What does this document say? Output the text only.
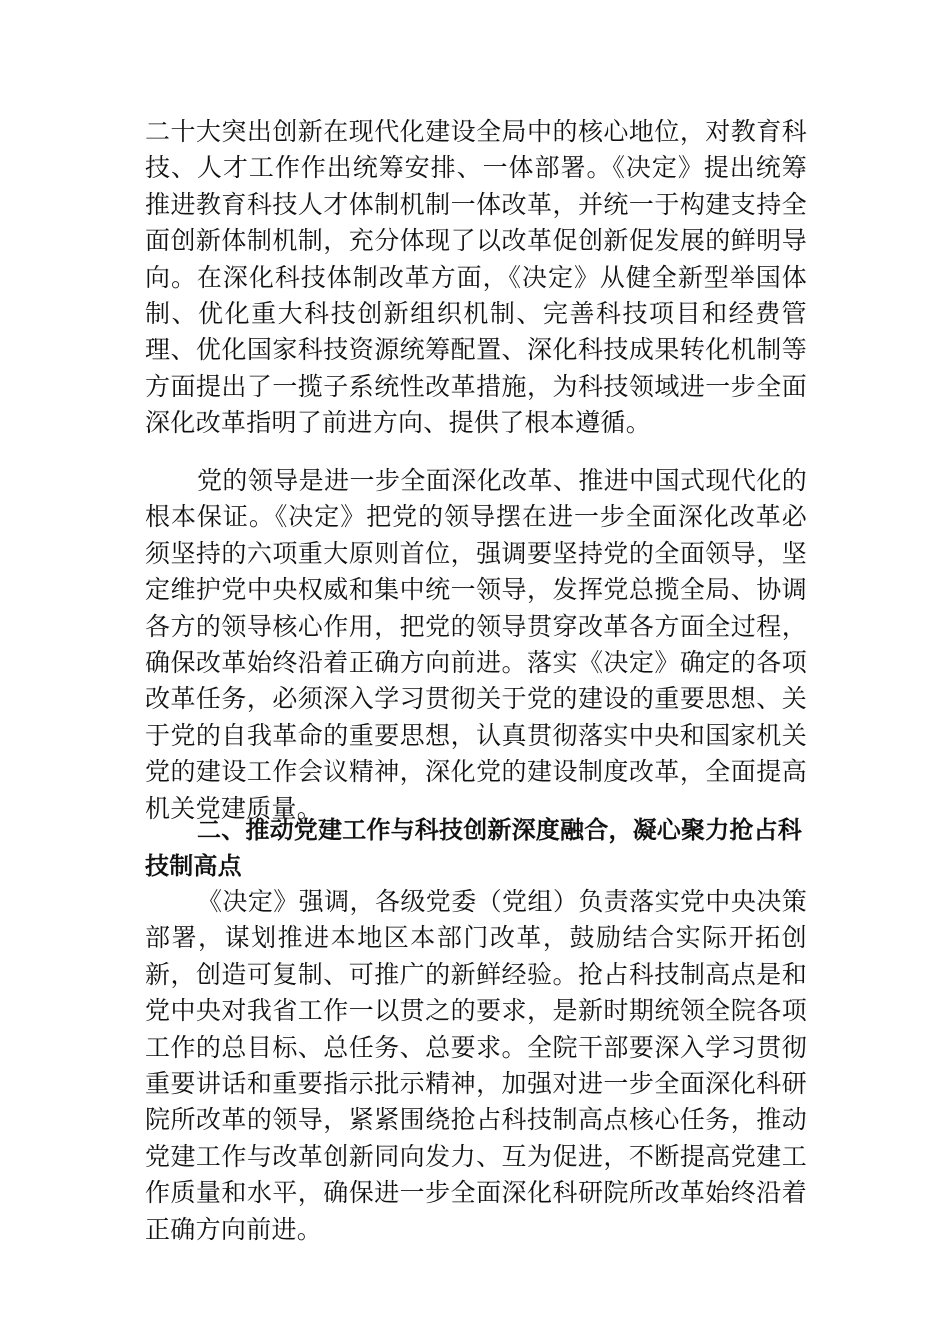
二十大突出创新在现代化建设全局中的核心地位，对教育科技、人才工作作出统筹安排、一体部署。《决定》提出统筹推进教育科技人才体制机制一体改革，并统一于构建支持全面创新体制机制，充分体现了以改革促创新促发展的鲜明导向。在深化科技体制改革方面，《决定》从健全新型举国体制、优化重大科技创新组织机制、完善科技项目和经费管理、优化国家科技资源统筹配置、深化科技成果转化机制等方面提出了一揽子系统性改革措施，为科技领域进一步全面深化改革指明了前进方向、提供了根本遵循。

党的领导是进一步全面深化改革、推进中国式现代化的根本保证。《决定》把党的领导摆在进一步全面深化改革必须坚持的六项重大原则首位，强调要坚持党的全面领导，坚定维护党中央权威和集中统一领导，发挥党总揽全局、协调各方的领导核心作用，把党的领导贯穿改革各方面全过程，确保改革始终沿着正确方向前进。落实《决定》确定的各项改革任务，必须深入学习贯彻关于党的建设的重要思想、关于党的自我革命的重要思想，认真贯彻落实中央和国家机关党的建设工作会议精神，深化党的建设制度改革，全面提高机关党建质量。

二、推动党建工作与科技创新深度融合，凝心聚力抢占科技制高点

《决定》强调，各级党委（党组）负责落实党中央决策部署，谋划推进本地区本部门改革，鼓励结合实际开拓创新，创造可复制、可推广的新鲜经验。抢占科技制高点是和党中央对我省工作一以贯之的要求，是新时期统领全院各项工作的总目标、总任务、总要求。全院干部要深入学习贯彻重要讲话和重要指示批示精神，加强对进一步全面深化科研院所改革的领导，紧紧围绕抢占科技制高点核心任务，推动党建工作与改革创新同向发力、互为促进，不断提高党建工作质量和水平，确保进一步全面深化科研院所改革始终沿着正确方向前进。
